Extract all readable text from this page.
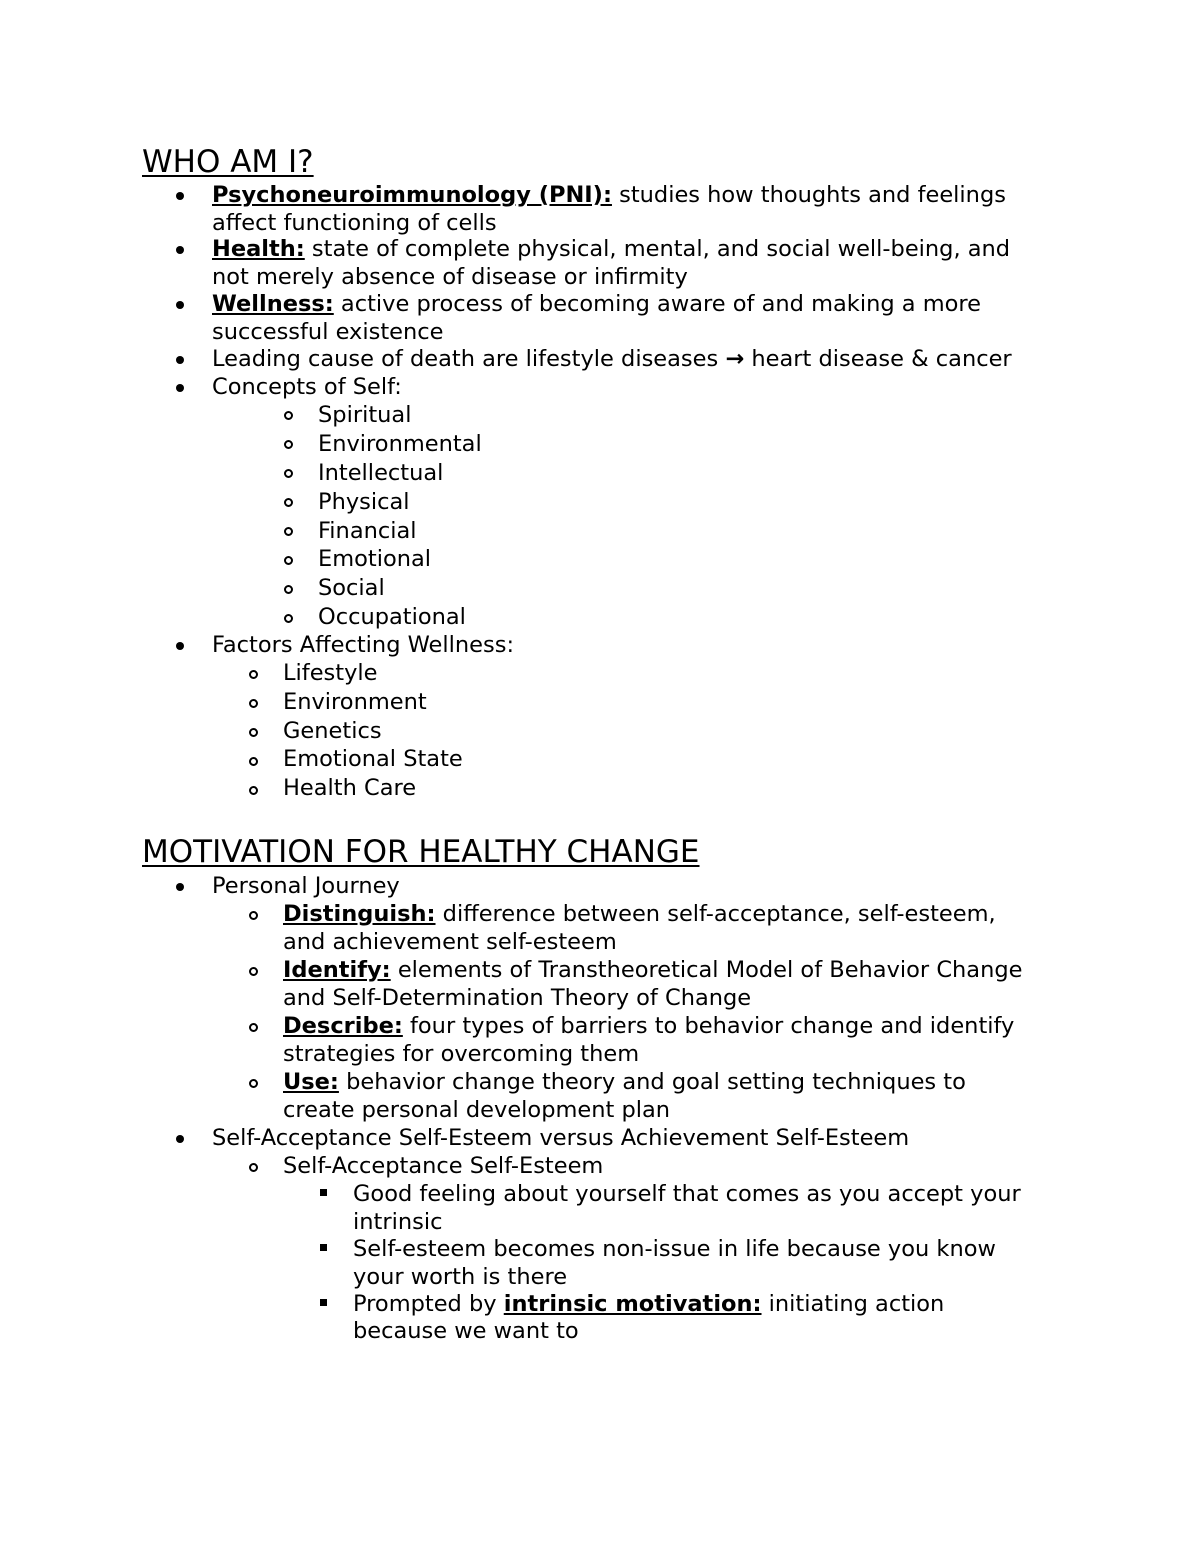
WHO AM I?

Psychoneuroimmunology (PNI): studies how thoughts and feelings

affect functioning of cells

Health: state of complete physical, mental, and social well-being, and

not merely absence of disease or infirmity

Wellness: active process of becoming aware of and making a more

successful existence

Leading cause of death are lifestyle diseases → heart disease & cancer

Concepts of Self:

Spiritual

Environmental

Intellectual

Physical

Financial

Emotional

Social

Occupational

Factors Affecting Wellness:

Lifestyle

Environment

Genetics

Emotional State

Health Care

MOTIVATION FOR HEALTHY CHANGE

Personal Journey

Distinguish: difference between self-acceptance, self-esteem,

and achievement self-esteem

Identify: elements of Transtheoretical Model of Behavior Change

and Self-Determination Theory of Change

Describe: four types of barriers to behavior change and identify

strategies for overcoming them

Use: behavior change theory and goal setting techniques to

create personal development plan

Self-Acceptance Self-Esteem versus Achievement Self-Esteem

Self-Acceptance Self-Esteem

Good feeling about yourself that comes as you accept your

intrinsic

Self-esteem becomes non-issue in life because you know

your worth is there

Prompted by intrinsic motivation: initiating action

because we want to
